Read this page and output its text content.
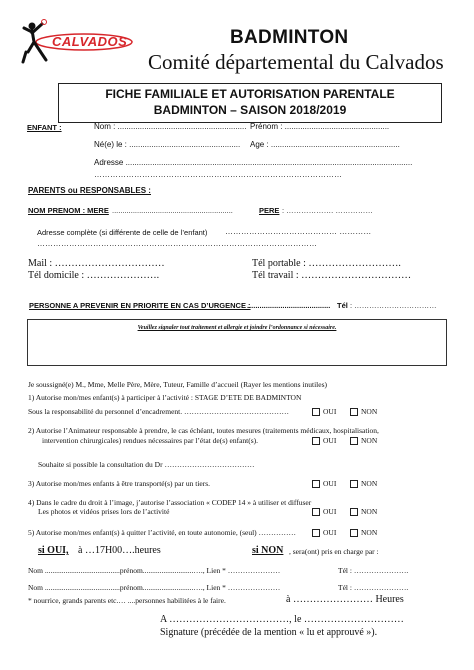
CALVADOS	BADMINTON
Comité départemental du Calvados
FICHE FAMILIALE ET AUTORISATION PARENTALE
BADMINTON – SAISON 2018/2019
ENFANT :	Nom : .......................................................... Prénom : ...............................................
Né(e) le : .................................................. Age : ..........................................................
Adresse .................................................................................................................................
…………………………………………………………………………………
PARENTS ou RESPONSABLES :
NOM PRENOM : MERE ..........................................................	PERE : ………………. ……………
Adresse complète (si différente de celle de l’enfant) …………………………………… …………
……………………………………………………………………………………………
Mail : ……………………………	Tél portable : ……………………….
Tél domicile : ………………….	Tél travail : ……………………………
PERSONNE A PREVENIR EN PRIORITE EN CAS D’URGENCE :
........................................ Tél : ……………………………
Veuillez signaler tout traitement et allergie et joindre l’ordonnance si nécessaire.
Je soussigné(e) M., Mme, Melle Père, Mère, Tuteur, Famille d’accueil (Rayer les mentions inutiles)
1) Autorise mon/mes enfant(s) à participer à l’activité : STAGE D’ETE DE BADMINTON
Sous la responsabilité du personnel d’encadrement. ……………………………………	OUI	NON
2) Autorise l’Animateur responsable à prendre, le cas échéant, toutes mesures (traitements médicaux, hospitalisation,
intervention chirurgicales) rendues nécessaires par l’état de(s) enfant(s).	OUI	NON
Souhaite si possible la consultation du Dr ………………………………
3) Autorise mon/mes enfants à être transporté(s) par un tiers.	OUI	NON
4) Dans le cadre du droit à l’image, j’autorise l’association « CODEP 14 » à utiliser et diffuser
Les photos et vidéos prises lors de l’activité	OUI	NON
5) Autorise mon/mes enfant(s) à quitter l’activité, en toute autonomie, (seul) ……………	OUI	NON
si OUI, à …17H00….heures	si NON , sera(ont) pris en charge par :
Nom ........................................prénom...........................…., Lien * …………………	Tél : ………………….
Nom ........................................prénom...........................…., Lien * …………………	Tél : ………………….
* nourrice, grands parents etc.… ....personnes habilitées à le faire.	à …………………… Heures
A ………………………………, le …………………………
Signature (précédée de la mention « lu et approuvé »).
